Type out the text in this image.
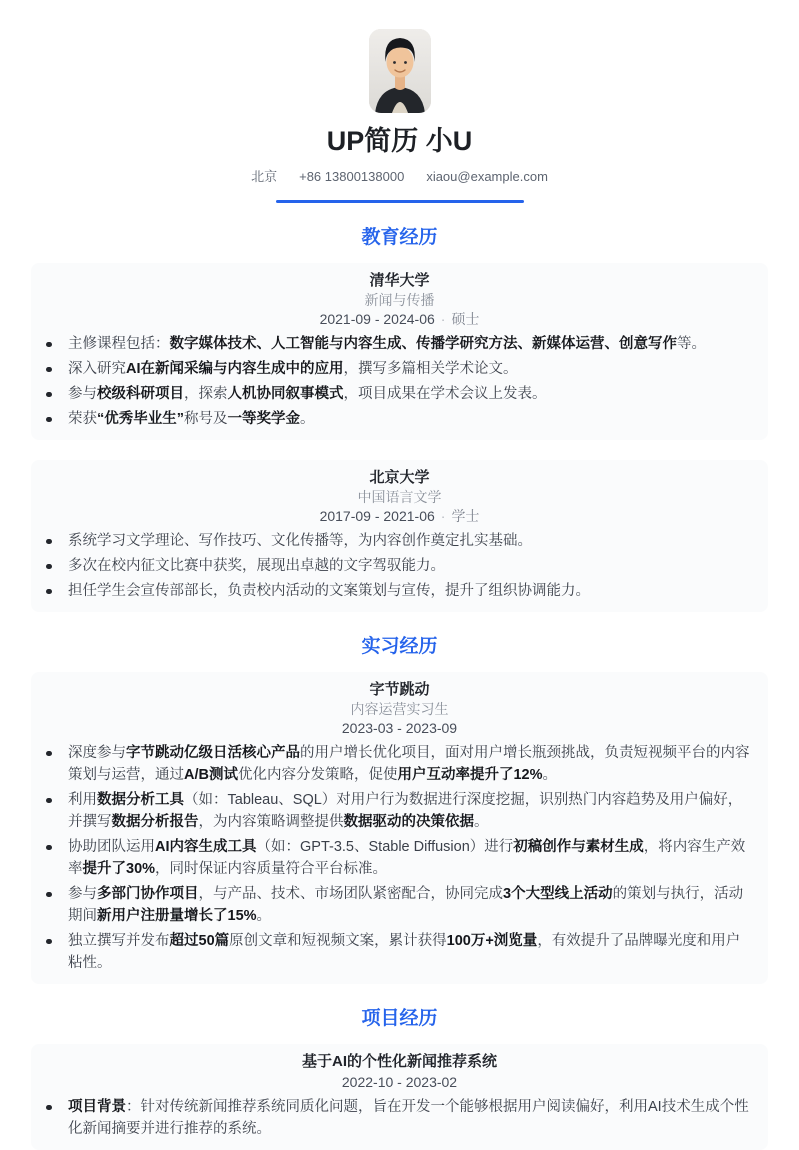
UP简历 小U
北京 +86 13800138000 xiaou@example.com
教育经历
清华大学
新闻与传播
2021-09 - 2024-06 · 硕士
主修课程包括：数字媒体技术、人工智能与内容生成、传播学研究方法、新媒体运营、创意写作等。
深入研究AI在新闻采编与内容生成中的应用，撰写多篇相关学术论文。
参与校级科研项目，探索人机协同叙事模式，项目成果在学术会议上发表。
荣获“优秀毕业生”称号及一等奖学金。
北京大学
中国语言文学
2017-09 - 2021-06 · 学士
系统学习文学理论、写作技巧、文化传播等，为内容创作奠定扎实基础。
多次在校内征文比赛中获奖，展现出卓越的文字驾驭能力。
担任学生会宣传部部长，负责校内活动的文案策划与宣传，提升了组织协调能力。
实习经历
字节跳动
内容运营实习生
2023-03 - 2023-09
深度参与字节跳动亿级日活核心产品的用户增长优化项目，面对用户增长瓶颈挑战，负责短视频平台的内容策划与运营，通过A/B测试优化内容分发策略，促使用户互动率提升了12%。
利用数据分析工具（如：Tableau、SQL）对用户行为数据进行深度挖掘，识别热门内容趋势及用户偏好，并撰写数据分析报告，为内容策略调整提供数据驱动的决策依据。
协助团队运用AI内容生成工具（如：GPT-3.5、Stable Diffusion）进行初稿创作与素材生成，将内容生产效率提升了30%，同时保证内容质量符合平台标准。
参与多部门协作项目，与产品、技术、市场团队紧密配合，协同完成3个大型线上活动的策划与执行，活动期间新用户注册量增长了15%。
独立撰写并发布超过50篇原创文章和短视频文案，累计获得100万+浏览量，有效提升了品牌曝光度和用户粘性。
项目经历
基于AI的个性化新闻推荐系统
2022-10 - 2023-02
项目背景：针对传统新闻推荐系统同质化问题，旨在开发一个能够根据用户阅读偏好，利用AI技术生成个性化新闻摘要并进行推荐的系统。
